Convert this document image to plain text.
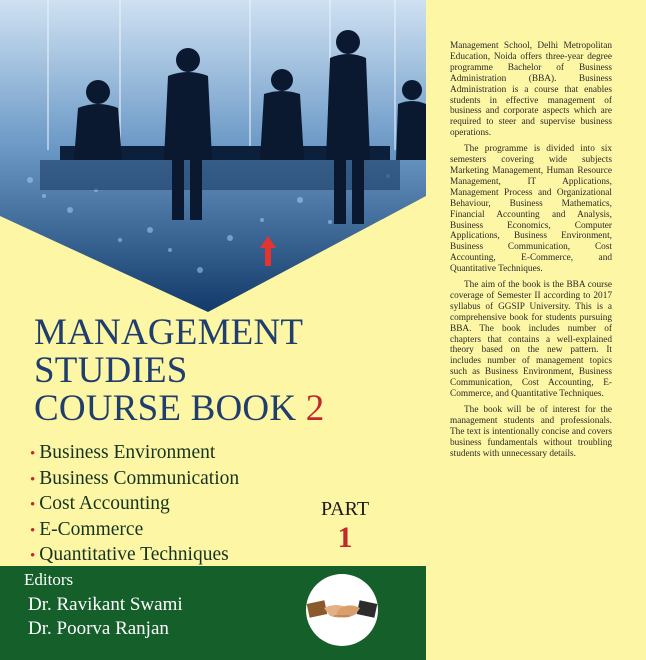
MANAGEMENT
STUDIES
COURSE BOOK 2
• Business Environment
• Business Communication
• Cost Accounting
• E-Commerce
• Quantitative Techniques
PART
1
Editors
Dr. Ravikant Swami
Dr. Poorva Ranjan

Management School, Delhi Metropolitan Education, Noida offers three-year degree programme Bachelor of Business Administration (BBA). Business Administration is a course that enables students in effective management of business and corporate aspects which are required to steer and supervise business operations.

The programme is divided into six semesters covering wide subjects Marketing Management, Human Resource Management, IT Applications, Management Process and Organizational Behaviour, Business Mathematics, Financial Accounting and Analysis, Business Economics, Computer Applications, Business Environment, Business Communication, Cost Accounting, E-Commerce, and Quantitative Techniques.

The aim of the book is the BBA course coverage of Semester II according to 2017 syllabus of GGSIP University. This is a comprehensive book for students pursuing BBA. The book includes number of chapters that contains a well-explained theory based on the new pattern. It includes number of management topics such as Business Environment, Business Communication, Cost Accounting, E-Commerce, and Quantitative Techniques.

The book will be of interest for the management students and professionals. The text is intentionally concise and covers business fundamentals without troubling students with unnecessary details.
